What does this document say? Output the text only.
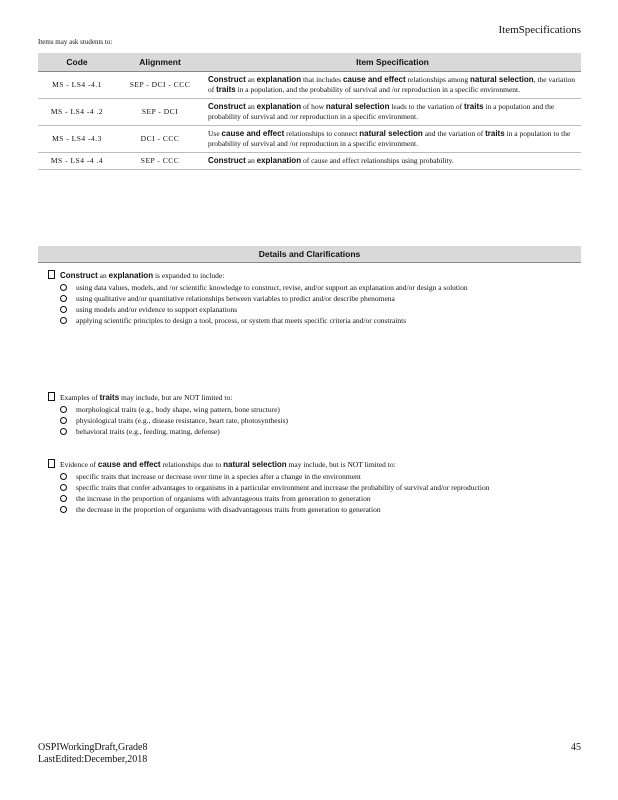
ItemSpecifications
Items may ask students to:
Code	Alignment	Item Specification
MS - LS4 -4.1	SEP - DCI - CCC	Construct an explanation that includes cause and effect relationships among natural selection, the variation of traits in a population, and the probability of survival and /or reproduction in a specific environment.
MS - LS4 -4 .2	SEP - DCI	Construct an explanation of how natural selection leads to the variation of traits in a population and the probability of survival and /or reproduction in a specific environment.
MS - LS4 -4.3	DCI - CCC	Use cause and effect relationships to connect natural selection and the variation of traits in a population to the probability of survival and /or reproduction in a specific environment.
MS - LS4 -4 .4	SEP - CCC	Construct an explanation of cause and effect relationships using probability.
Details and Clarifications
Construct an explanation is expanded to include:
using data values, models, and /or scientific knowledge to construct, revise, and/or support an explanation and/or design a solution
using qualitative and/or quantitative relationships between variables to predict and/or describe phenomena
using models and/or evidence to support explanations
applying scientific principles to design a tool, process, or system that meets specific criteria and/or constraints
Examples of traits may include, but are NOT limited to:
morphological traits (e.g., body shape, wing pattern, bone structure)
physiological traits (e.g., disease resistance, heart rate, photosynthesis)
behavioral traits (e.g., feeding, mating, defense)
Evidence of cause and effect relationships due to natural selection may include, but is NOT limited to:
specific traits that increase or decrease over time in a species after a change in the environment
specific traits that confer advantages to organisms in a particular environment and increase the probability of survival and/or reproduction
the increase in the proportion of organisms with advantageous traits from generation to generation
the decrease in the proportion of organisms with disadvantageous traits from generation to generation
OSPIWorkingDraft,Grade8
LastEdited:December,2018
45
